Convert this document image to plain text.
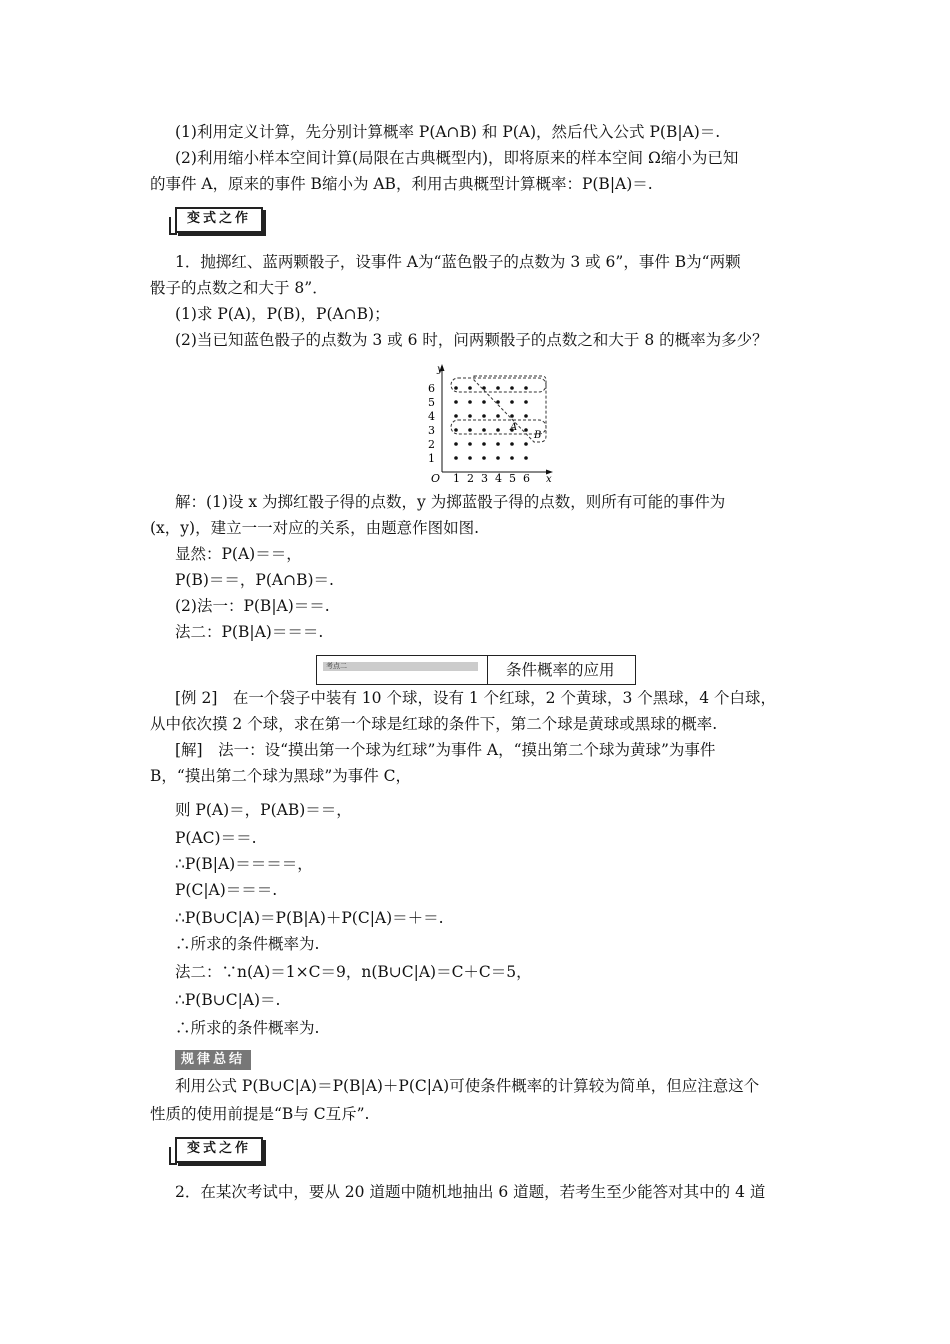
(1)利用定义计算，先分别计算概率 P(A∩B) 和 P(A)，然后代入公式 P(B|A)＝.
(2)利用缩小样本空间计算(局限在古典概型内)，即将原来的样本空间 Ω缩小为已知
的事件 A，原来的事件 B缩小为 AB，利用古典概型计算概率：P(B|A)＝.
变式之作
1．抛掷红、蓝两颗骰子，设事件 A为“蓝色骰子的点数为 3 或 6”，事件 B为“两颗
骰子的点数之和大于 8”．
(1)求 P(A)，P(B)，P(A∩B)；
(2)当已知蓝色骰子的点数为 3 或 6 时，问两颗骰子的点数之和大于 8 的概率为多少？
y
x
O
1
2
3
4
5
6
1 2 3 4 5 6
A
B
解：(1)设 x 为掷红骰子得的点数，y 为掷蓝骰子得的点数，则所有可能的事件为
(x，y)，建立一一对应的关系，由题意作图如图.
显然：P(A)＝＝，
P(B)＝＝，P(A∩B)＝.
(2)法一：P(B|A)＝＝.
法二：P(B|A)＝＝＝.
考点二	条件概率的应用
[例 2]　在一个袋子中装有 10 个球，设有 1 个红球，2 个黄球，3 个黑球，4 个白球，
从中依次摸 2 个球，求在第一个球是红球的条件下，第二个球是黄球或黑球的概率.
[解]　法一：设“摸出第一个球为红球”为事件 A，“摸出第二个球为黄球”为事件
B，“摸出第二个球为黑球”为事件 C，
则 P(A)＝，P(AB)＝＝，
P(AC)＝＝.
∴P(B|A)＝＝＝＝，
P(C|A)＝＝＝.
∴P(B∪C|A)＝P(B|A)＋P(C|A)＝＋＝.
∴所求的条件概率为.
法二：∵n(A)＝1×C＝9，n(B∪C|A)＝C＋C＝5，
∴P(B∪C|A)＝.
∴所求的条件概率为.
规律总结
利用公式 P(B∪C|A)＝P(B|A)＋P(C|A)可使条件概率的计算较为简单，但应注意这个
性质的使用前提是“B与 C互斥”.
变式之作
2．在某次考试中，要从 20 道题中随机地抽出 6 道题，若考生至少能答对其中的 4 道
